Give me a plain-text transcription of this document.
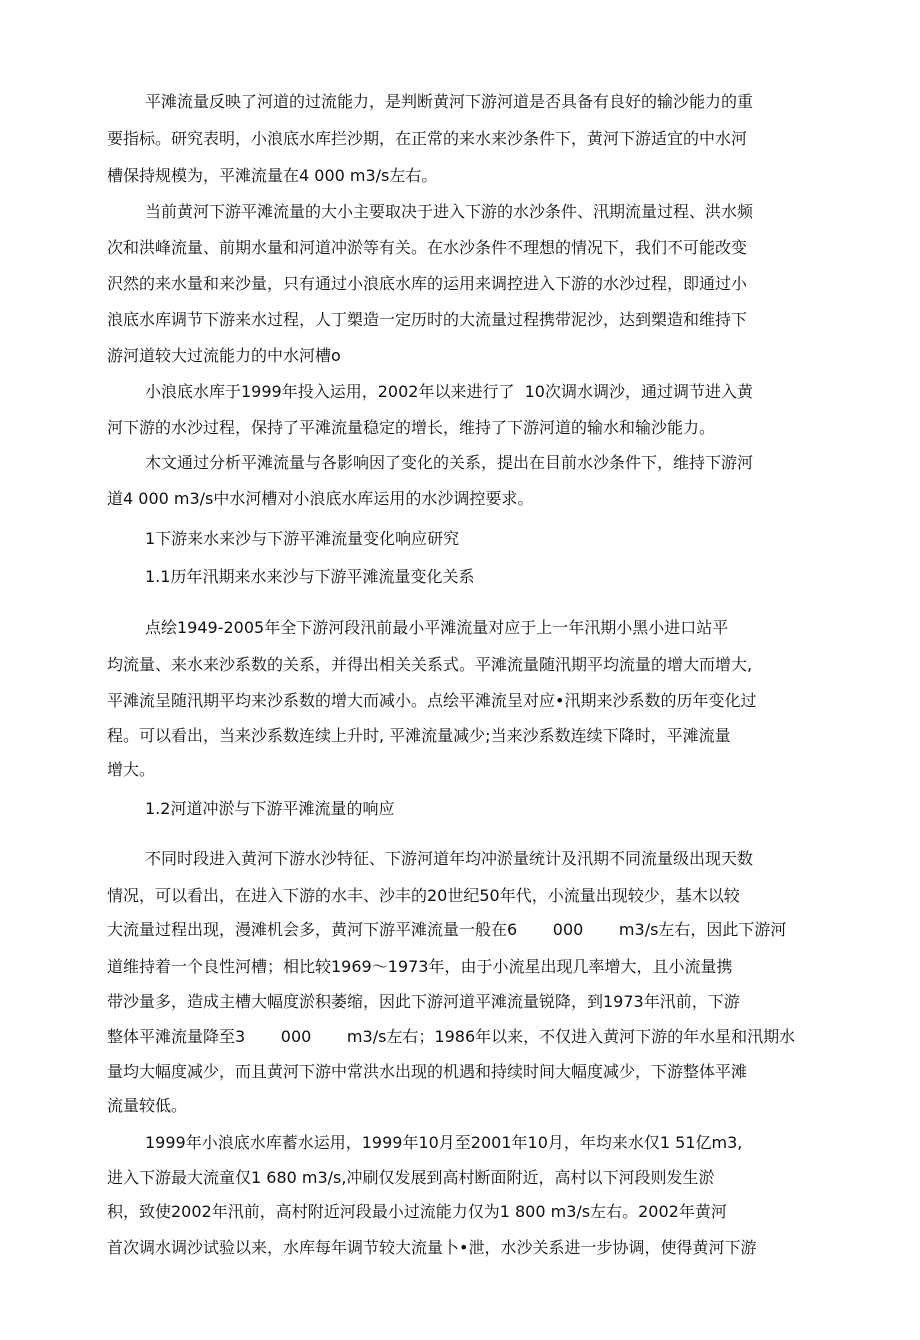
平滩流量反映了河道的过流能力，是判断黄河下游河道是否具备有良好的输沙能力的重

要指标。研究表明，小浪底水库拦沙期，在正常的来水来沙条件下，黄河下游适宜的中水河

槽保持规模为，平滩流量在4 000 m3/s左右。

当前黄河下游平滩流量的大小主要取决于进入下游的水沙条件、汛期流量过程、洪水频

次和洪峰流量、前期水量和河道冲淤等有关。在水沙条件不理想的情况下，我们不可能改变

沢然的来水量和来沙量，只有通过小浪底水库的运用来调控进入下游的水沙过程，即通过小

浪底水库调节下游来水过程，人丁槊造一定历时的大流量过程携带泥沙，达到槊造和维持下

游河道较大过流能力的中水河槽o

小浪底水库于1999年投入运用，2002年以来进行了  10次调水调沙，通过调节进入黄

河下游的水沙过程，保持了平滩流量稳定的增长，维持了下游河道的输水和输沙能力。

木文通过分析平滩流量与各影响因了变化的关系，提出在目前水沙条件下，维持下游河

道4 000 m3/s中水河槽对小浪底水库运用的水沙调控要求。

1下游来水来沙与下游平滩流量变化响应研究

1.1历年汛期来水来沙与下游平滩流量变化关系

点绘1949-2005年全下游河段汛前最小平滩流量对应于上一年汛期小黑小进口站平

均流量、来水来沙系数的关系，并得出相关关系式。平滩流量随汛期平均流量的增大而增大,

平滩流呈随汛期平均来沙系数的增大而减小。点绘平滩流呈对应•汛期来沙系数的历年变化过

程。可以看出，当来沙系数连续上升时, 平滩流量减少;当来沙系数连续下降时，平滩流量

增大。

1.2河道冲淤与下游平滩流量的响应

不同时段进入黄河下游水沙特征、下游河道年均冲淤量统计及汛期不同流量级出现天数

情况，可以看出，在进入下游的水丰、沙丰的20世纪50年代，小流量出现较少，基木以较

大流量过程出现，漫滩机会多，黄河下游平滩流量一般在6       000       m3/s左右，因此下游河

道维持着一个良性河槽；相比较1969～1973年，由于小流星出现几率增大，且小流量携

带沙量多，造成主槽大幅度淤积萎缩，因此下游河道平滩流量锐降，到1973年汛前，下游

整体平滩流量降至3       000       m3/s左右；1986年以来，不仅进入黄河下游的年水星和汛期水

量均大幅度减少，而且黄河下游中常洪水出现的机遇和持续时间大幅度减少，下游整体平滩

流量较低。

1999年小浪底水库蓄水运用，1999年10月至2001年10月，年均来水仅1 51亿m3,

进入下游最大流童仅1 680 m3/s,冲刷仅发展到高村断面附近，高村以下河段则发生淤

积，致使2002年汛前，高村附近河段最小过流能力仅为1 800 m3/s左右。2002年黄河

首次调水调沙试验以来，水库每年调节较大流量卜•泄，水沙关系进一步协调，使得黄河下游
